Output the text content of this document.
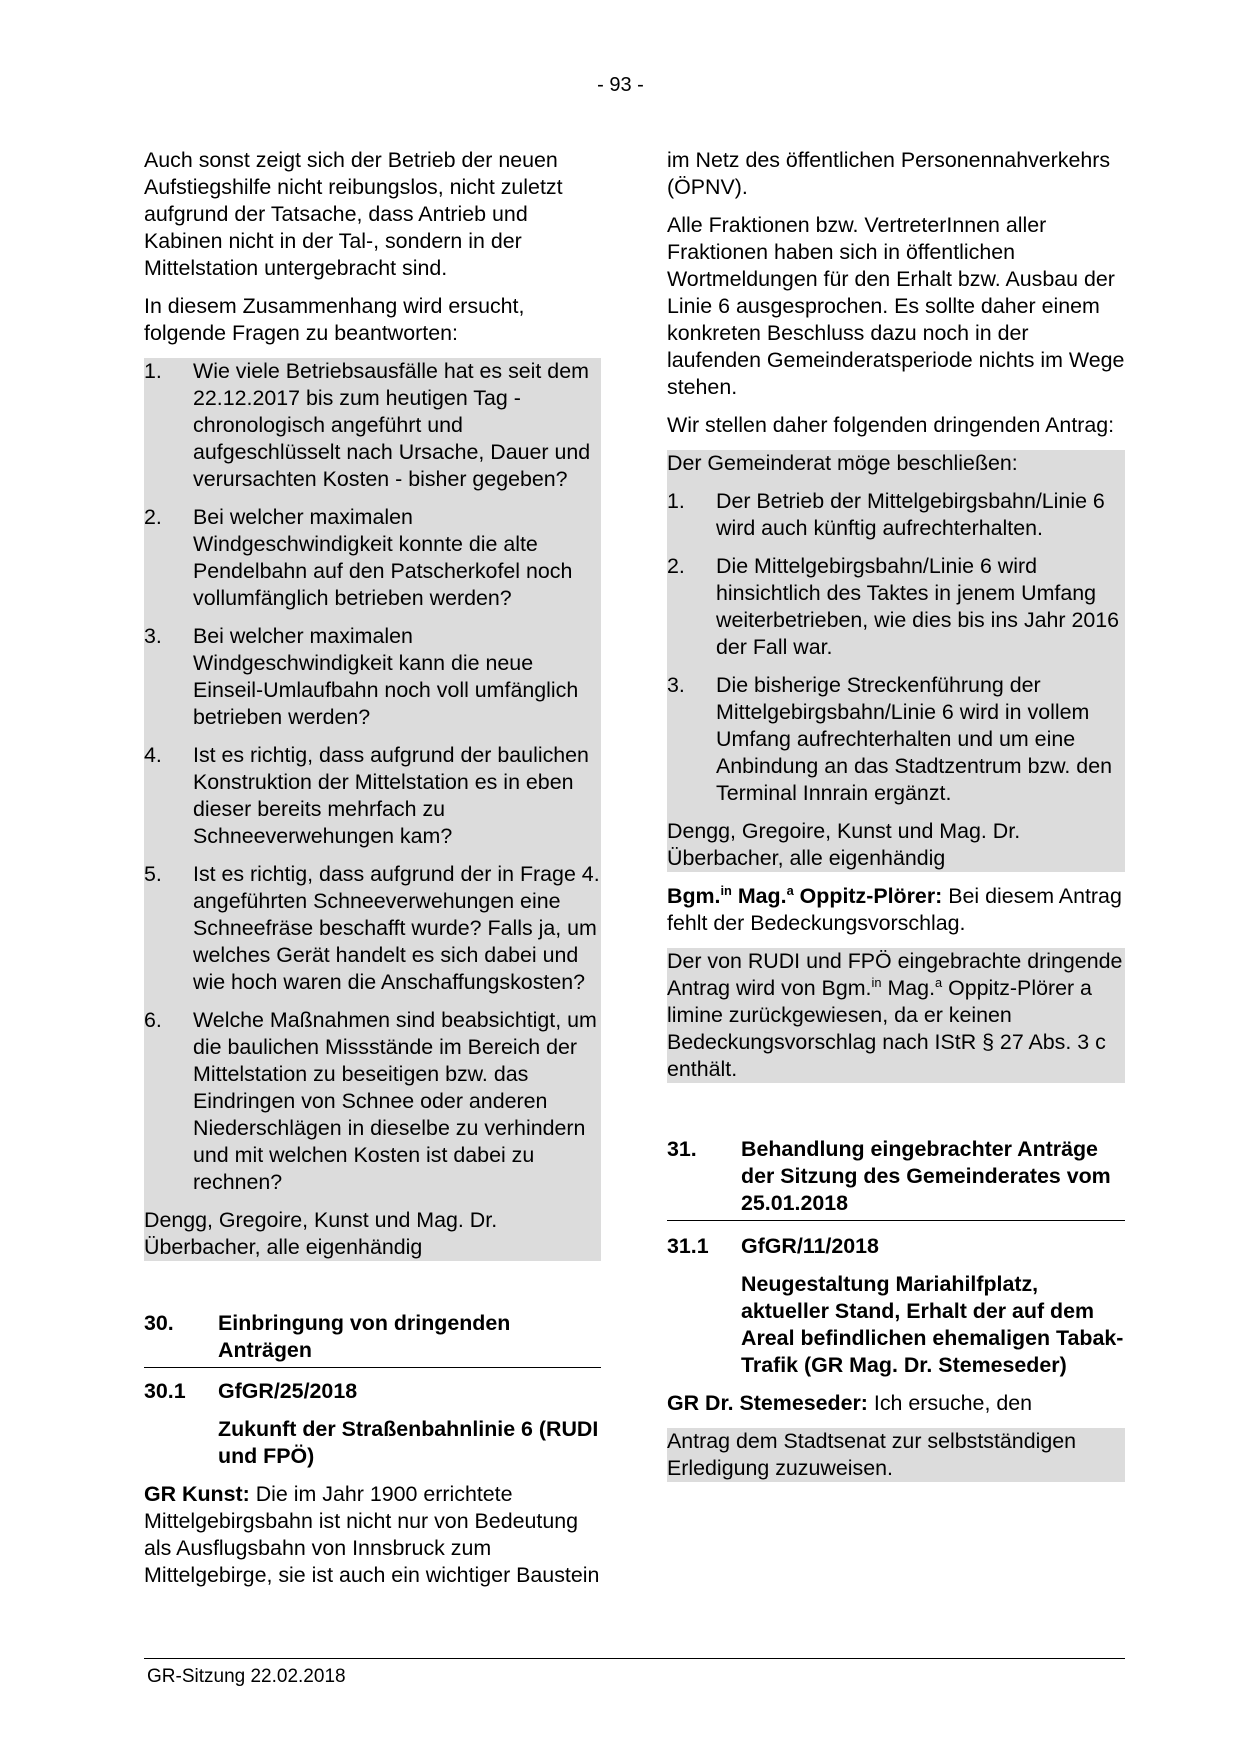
- 93 -

Auch sonst zeigt sich der Betrieb der neuen Aufstiegshilfe nicht reibungslos, nicht zuletzt aufgrund der Tatsache, dass Antrieb und Kabinen nicht in der Tal-, sondern in der Mittelstation untergebracht sind.

In diesem Zusammenhang wird ersucht, folgende Fragen zu beantworten:

1.	Wie viele Betriebsausfälle hat es seit dem 22.12.2017 bis zum heutigen Tag - chronologisch angeführt und aufgeschlüsselt nach Ursache, Dauer und verursachten Kosten - bisher gegeben?
2.	Bei welcher maximalen Windgeschwindigkeit konnte die alte Pendelbahn auf den Patscherkofel noch vollumfänglich betrieben werden?
3.	Bei welcher maximalen Windgeschwindigkeit kann die neue Einseil-Umlaufbahn noch voll umfänglich betrieben werden?
4.	Ist es richtig, dass aufgrund der baulichen Konstruktion der Mittelstation es in eben dieser bereits mehrfach zu Schneeverwehungen kam?
5.	Ist es richtig, dass aufgrund der in Frage 4. angeführten Schneeverwehungen eine Schneefräse beschafft wurde? Falls ja, um welches Gerät handelt es sich dabei und wie hoch waren die Anschaffungskosten?
6.	Welche Maßnahmen sind beabsichtigt, um die baulichen Missstände im Bereich der Mittelstation zu beseitigen bzw. das Eindringen von Schnee oder anderen Niederschlägen in dieselbe zu verhindern und mit welchen Kosten ist dabei zu rechnen?

Dengg, Gregoire, Kunst und Mag. Dr. Überbacher, alle eigenhändig

30.	Einbringung von dringenden Anträgen
30.1	GfGR/25/2018
Zukunft der Straßenbahnlinie 6 (RUDI und FPÖ)

GR Kunst: Die im Jahr 1900 errichtete Mittelgebirgsbahn ist nicht nur von Bedeutung als Ausflugsbahn von Innsbruck zum Mittelgebirge, sie ist auch ein wichtiger Baustein

im Netz des öffentlichen Personennahverkehrs (ÖPNV).

Alle Fraktionen bzw. VertreterInnen aller Fraktionen haben sich in öffentlichen Wortmeldungen für den Erhalt bzw. Ausbau der Linie 6 ausgesprochen. Es sollte daher einem konkreten Beschluss dazu noch in der laufenden Gemeinderatsperiode nichts im Wege stehen.

Wir stellen daher folgenden dringenden Antrag:

Der Gemeinderat möge beschließen:

1.	Der Betrieb der Mittelgebirgsbahn/Linie 6 wird auch künftig aufrechterhalten.
2.	Die Mittelgebirgsbahn/Linie 6 wird hinsichtlich des Taktes in jenem Umfang weiterbetrieben, wie dies bis ins Jahr 2016 der Fall war.
3.	Die bisherige Streckenführung der Mittelgebirgsbahn/Linie 6 wird in vollem Umfang aufrechterhalten und um eine Anbindung an das Stadtzentrum bzw. den Terminal Innrain ergänzt.

Dengg, Gregoire, Kunst und Mag. Dr. Überbacher, alle eigenhändig

Bgm.$^{in}$ Mag.$^a$ Oppitz-Plörer: Bei diesem Antrag fehlt der Bedeckungsvorschlag.

Der von RUDI und FPÖ eingebrachte dringende Antrag wird von Bgm.$^{in}$ Mag.$^a$ Oppitz-Plörer a limine zurückgewiesen, da er keinen Bedeckungsvorschlag nach IStR § 27 Abs. 3 c enthält.

31.	Behandlung eingebrachter Anträge der Sitzung des Gemeinderates vom 25.01.2018
31.1	GfGR/11/2018
Neugestaltung Mariahilfplatz, aktueller Stand, Erhalt der auf dem Areal befindlichen ehemaligen Tabak-Trafik (GR Mag. Dr. Stemeseder)

GR Dr. Stemeseder: Ich ersuche, den

Antrag dem Stadtsenat zur selbstständigen Erledigung zuzuweisen.

GR-Sitzung 22.02.2018
